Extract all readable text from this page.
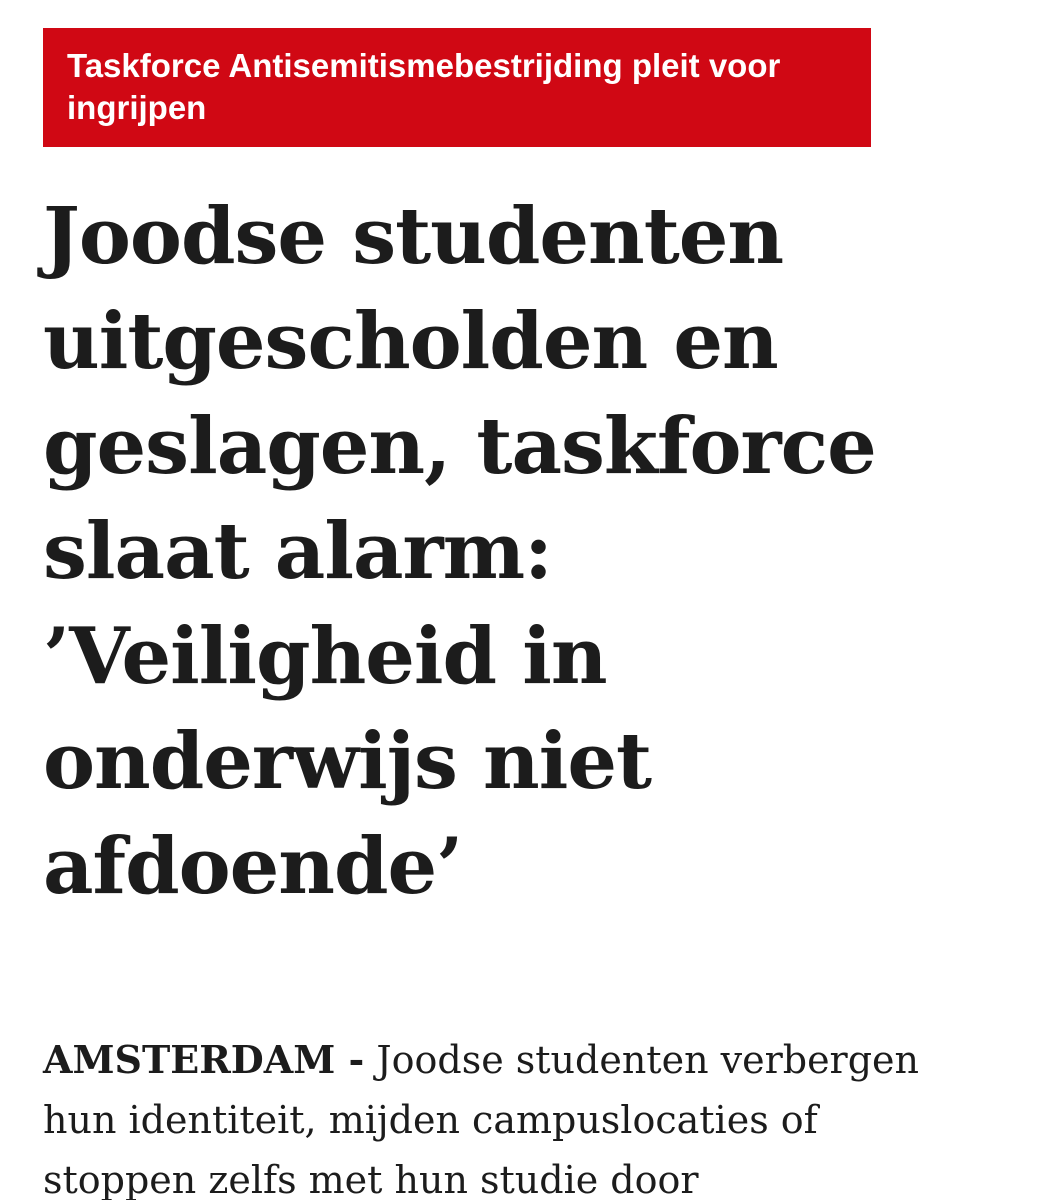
Taskforce Antisemitismebestrijding pleit voor
ingrijpen

Joodse studenten
uitgescholden en
geslagen, taskforce
slaat alarm:
’Veiligheid in
onderwijs niet
afdoende’

AMSTERDAM - Joodse studenten verbergen
hun identiteit, mijden campuslocaties of
stoppen zelfs met hun studie door
